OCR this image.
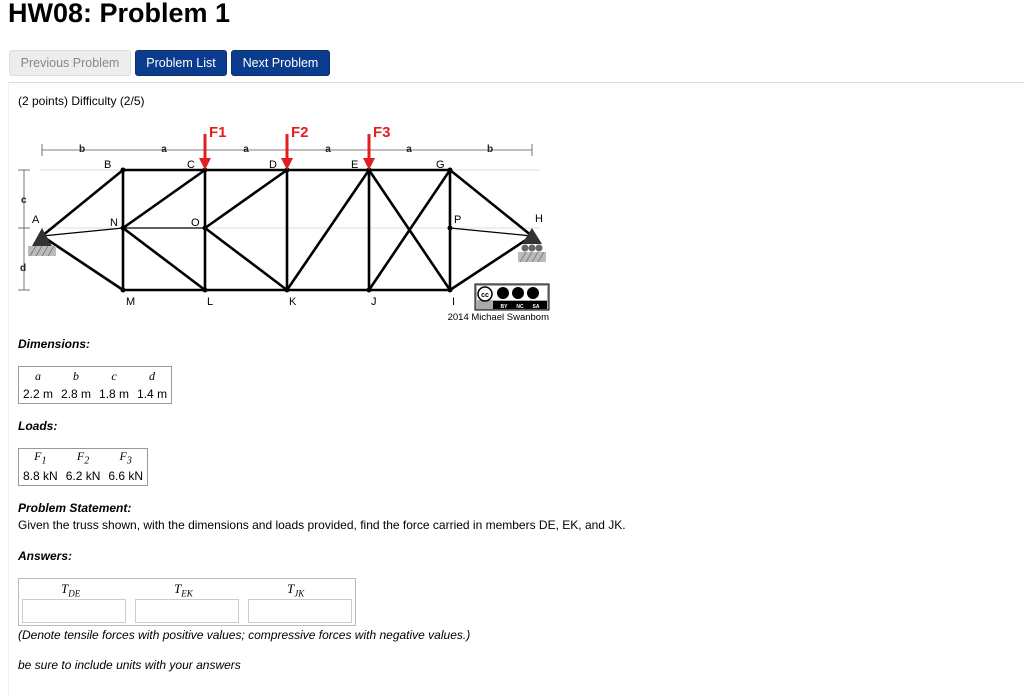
HW08: Problem 1
Previous Problem	Problem List	Next Problem
(2 points) Difficulty (2/5)
b	a	a	a	a	b
c
d
F1	F2	F3
B	C	D	E	G
A	N	O	P	H
M	L	K	J	I
cc
BY NC SA
2014 Michael Swanbom
Dimensions:
a	b	c	d
2.2 m	2.8 m	1.8 m	1.4 m
Loads:
$F_1$	$F_2$	$F_3$
8.8 kN	6.2 kN	6.6 kN
Problem Statement:
Given the truss shown, with the dimensions and loads provided, find the force carried in members DE, EK, and JK.
Answers:
$T_{DE}$	$T_{EK}$	$T_{JK}$
(Denote tensile forces with positive values; compressive forces with negative values.)
be sure to include units with your answers
